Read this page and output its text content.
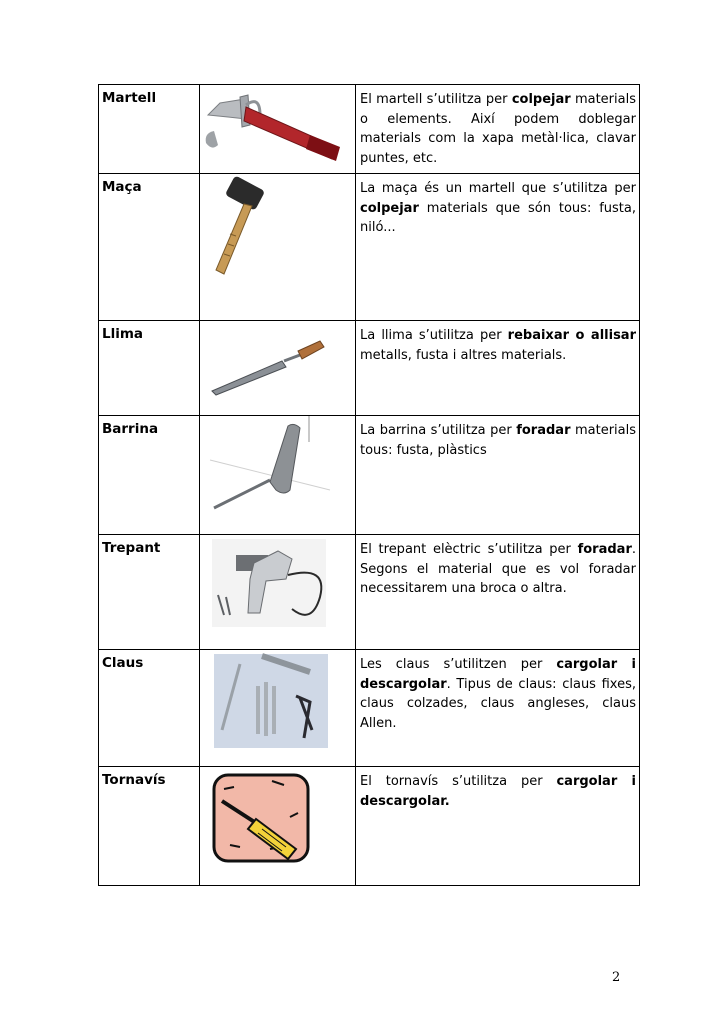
Martell		El martell s’utilitza per colpejar materials o elements. Així podem doblegar materials com la xapa metàl·lica, clavar puntes, etc.
Maça		La maça és un martell que s’utilitza per colpejar materials que són tous: fusta, niló...
Llima		La llima s’utilitza per rebaixar o allisar metalls, fusta i altres materials.
Barrina		La barrina s’utilitza per foradar materials tous: fusta, plàstics
Trepant		El trepant elèctric s’utilitza per foradar. Segons el material que es vol foradar necessitarem una broca o altra.
Claus		Les claus s’utilitzen per cargolar i descargolar. Tipus de claus: claus fixes, claus colzades, claus angleses, claus Allen.
Tornavís		El tornavís s’utilitza per cargolar i descargolar.
2
